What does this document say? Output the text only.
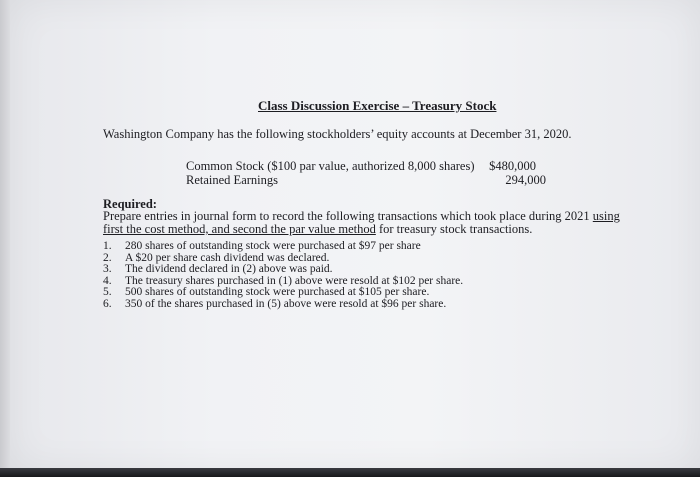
Class Discussion Exercise – Treasury Stock
Washington Company has the following stockholders’ equity accounts at December 31, 2020.
Common Stock ($100 par value, authorized 8,000 shares) $480,000
Retained Earnings	294,000
Required:
Prepare entries in journal form to record the following transactions which took place during 2021 using
first the cost method, and second the par value method for treasury stock transactions.
1. 280 shares of outstanding stock were purchased at $97 per share
2. A $20 per share cash dividend was declared.
3. The dividend declared in (2) above was paid.
4. The treasury shares purchased in (1) above were resold at $102 per share.
5. 500 shares of outstanding stock were purchased at $105 per share.
6. 350 of the shares purchased in (5) above were resold at $96 per share.
